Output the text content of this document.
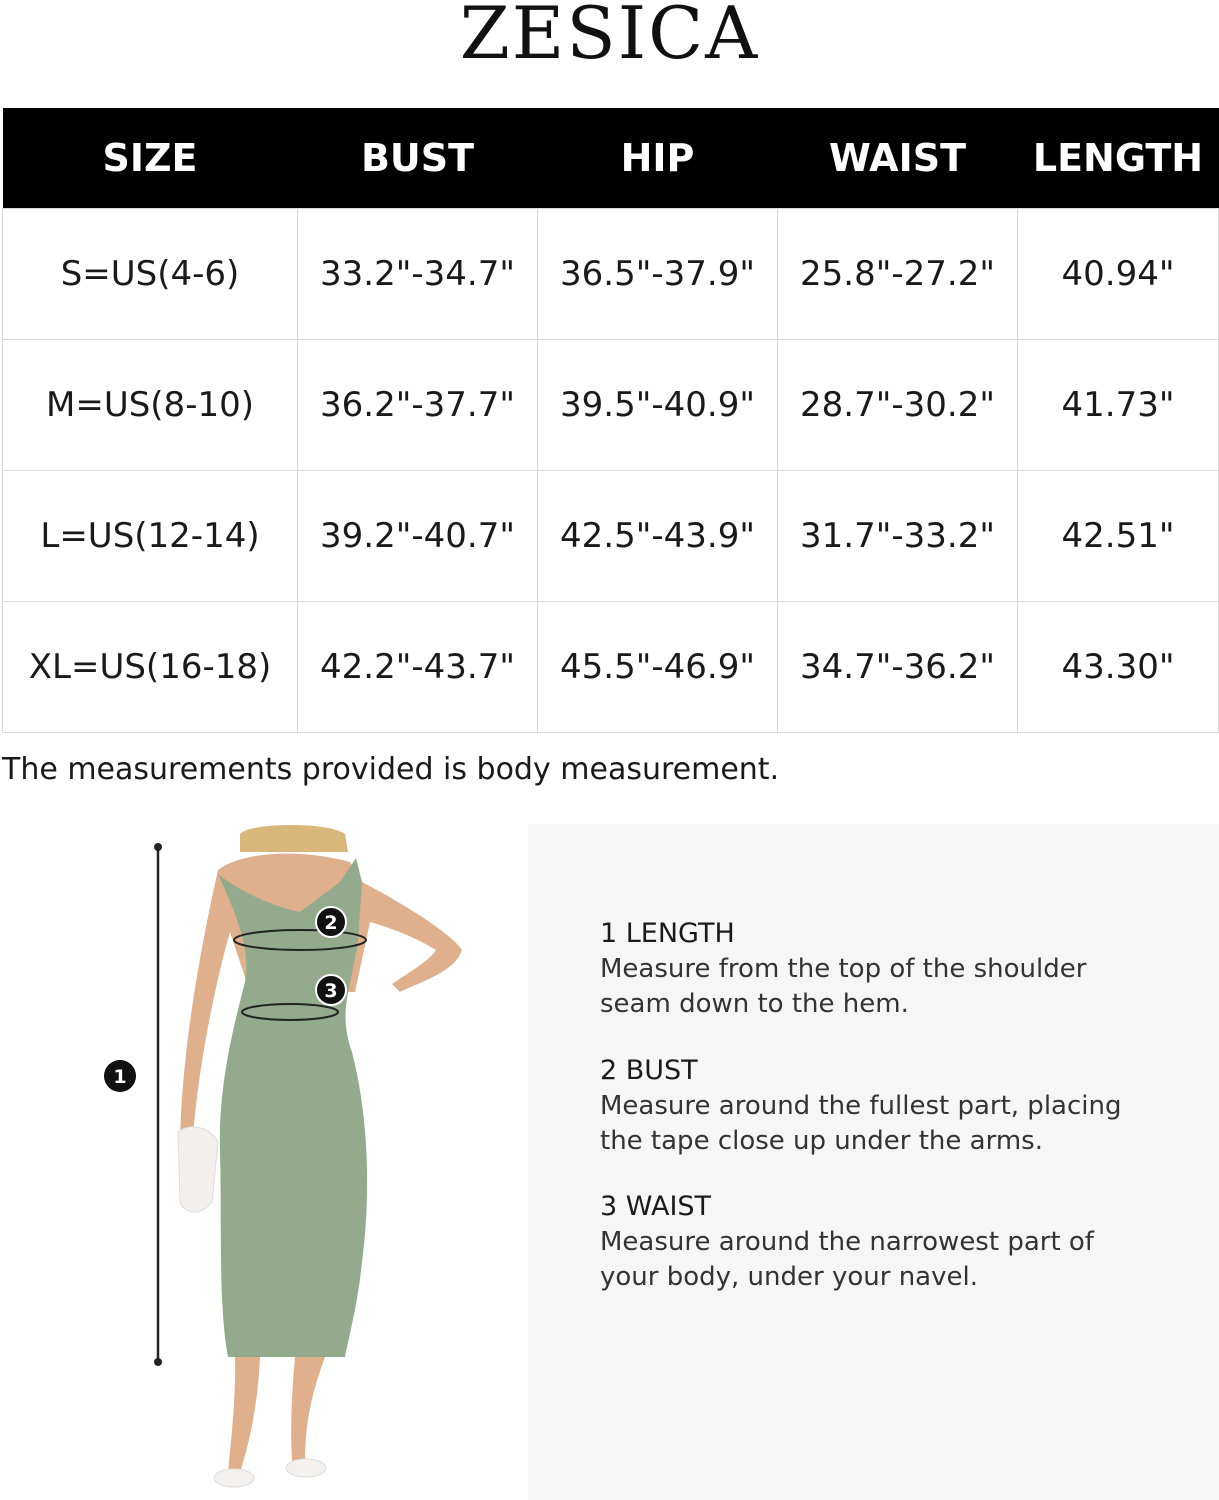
ZESICA
SIZE	BUST	HIP	WAIST	LENGTH
S=US(4-6)	33.2"-34.7"	36.5"-37.9"	25.8"-27.2"	40.94"
M=US(8-10)	36.2"-37.7"	39.5"-40.9"	28.7"-30.2"	41.73"
L=US(12-14)	39.2"-40.7"	42.5"-43.9"	31.7"-33.2"	42.51"
XL=US(16-18)	42.2"-43.7"	45.5"-46.9"	34.7"-36.2"	43.30"
The measurements provided is body measurement.
2
3
1
1 LENGTH
Measure from the top of the shoulder
seam down to the hem.
2 BUST
Measure around the fullest part, placing
the tape close up under the arms.
3 WAIST
Measure around the narrowest part of
your body, under your navel.
